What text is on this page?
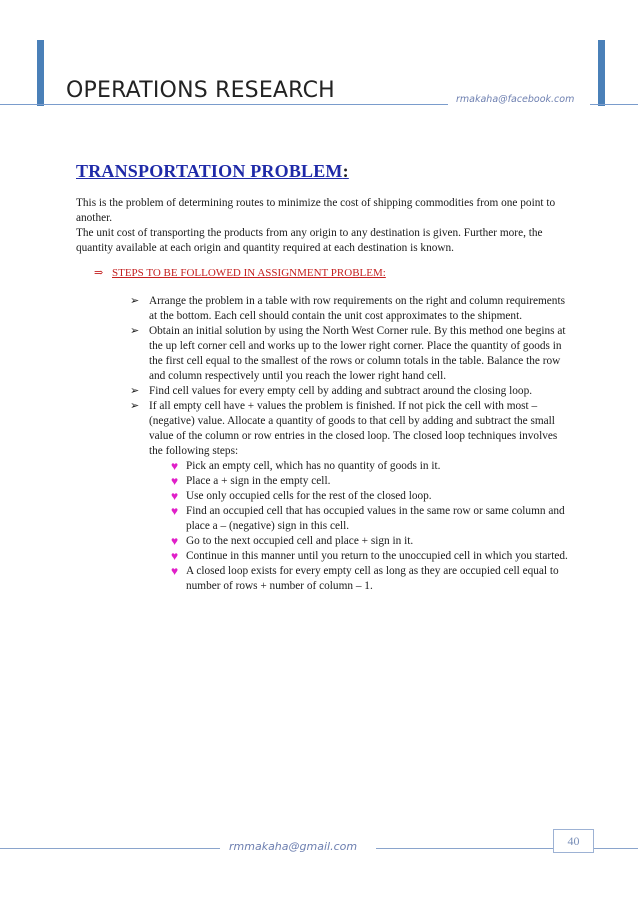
OPERATIONS RESEARCH	rmakaha@facebook.com
TRANSPORTATION PROBLEM:
This is the problem of determining routes to minimize the cost of shipping commodities from one point to another.
The unit cost of transporting the products from any origin to any destination is given. Further more, the quantity available at each origin and quantity required at each destination is known.
⇒ STEPS TO BE FOLLOWED IN ASSIGNMENT PROBLEM:
➢ Arrange the problem in a table with row requirements on the right and column requirements at the bottom. Each cell should contain the unit cost approximates to the shipment.
➢ Obtain an initial solution by using the North West Corner rule. By this method one begins at the up left corner cell and works up to the lower right corner. Place the quantity of goods in the first cell equal to the smallest of the rows or column totals in the table. Balance the row and column respectively until you reach the lower right hand cell.
➢ Find cell values for every empty cell by adding and subtract around the closing loop.
➢ If all empty cell have + values the problem is finished. If not pick the cell with most – (negative) value. Allocate a quantity of goods to that cell by adding and subtract the small value of the column or row entries in the closed loop. The closed loop techniques involves the following steps:
♥ Pick an empty cell, which has no quantity of goods in it.
♥ Place a + sign in the empty cell.
♥ Use only occupied cells for the rest of the closed loop.
♥ Find an occupied cell that has occupied values in the same row or same column and place a – (negative) sign in this cell.
♥ Go to the next occupied cell and place + sign in it.
♥ Continue in this manner until you return to the unoccupied cell in which you started.
♥ A closed loop exists for every empty cell as long as they are occupied cell equal to number of rows + number of column – 1.
rmmakaha@gmail.com	40
